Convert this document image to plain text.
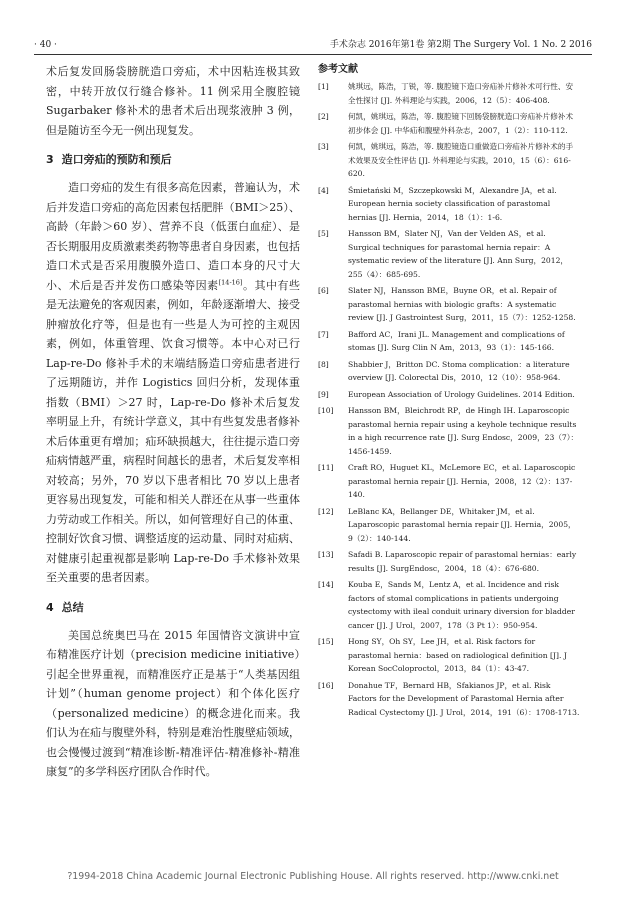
· 40 ·	手术杂志 2016年第1卷 第2期 The Surgery Vol. 1 No. 2 2016

术后复发回肠袋膀胱造口旁疝，术中因粘连极其致密，中转开放仅行缝合修补。11 例采用全腹腔镜 Sugarbaker 修补术的患者术后出现浆液肿 3 例，但是随访至今无一例出现复发。

3 造口旁疝的预防和预后

造口旁疝的发生有很多高危因素，普遍认为，术后并发造口旁疝的高危因素包括肥胖（BMI＞25）、高龄（年龄＞60 岁）、营养不良（低蛋白血症）、是否长期服用皮质激素类药物等患者自身因素，也包括造口术式是否采用腹膜外造口、造口本身的尺寸大小、术后是否并发伤口感染等因素[14-16]。其中有些是无法避免的客观因素，例如，年龄逐渐增大、接受肿瘤放化疗等，但是也有一些是人为可控的主观因素，例如，体重管理、饮食习惯等。本中心对已行 Lap-re-Do 修补手术的末端结肠造口旁疝患者进行了远期随访，并作 Logistics 回归分析，发现体重指数（BMI）＞27 时，Lap-re-Do 修补术后复发率明显上升，有统计学意义，其中有些复发患者修补术后体重更有增加；疝环缺损越大，往往提示造口旁疝病情越严重，病程时间越长的患者，术后复发率相对较高；另外，70 岁以下患者相比 70 岁以上患者更容易出现复发，可能和相关人群还在从事一些重体力劳动或工作相关。所以，如何管理好自己的体重、控制好饮食习惯、调整适度的运动量、同时对疝病、对健康引起重视都是影响 Lap-re-Do 手术修补效果至关重要的患者因素。

4 总结

美国总统奥巴马在 2015 年国情咨文演讲中宣布精准医疗计划（precision medicine initiative）引起全世界重视，而精准医疗正是基于“人类基因组计划”（human genome project）和个体化医疗（personalized medicine）的概念进化而来。我们认为在疝与腹壁外科，特别是难治性腹壁疝领域，也会慢慢过渡到“精准诊断-精准评估-精准修补-精准康复”的多学科医疗团队合作时代。

参考文献
[1]	姚琪远，陈浩，丁锐，等. 腹腔镜下造口旁疝补片修补术可行性、安全性探讨 [J]. 外科理论与实践，2006，12（5）：406-408.
[2]	何凯，姚琪远，陈浩，等. 腹腔镜下回肠袋膀胱造口旁疝补片修补术初步体会 [J]. 中华疝和腹壁外科杂志，2007，1（2）：110-112.
[3]	何凯，姚琪远，陈浩，等. 腹腔镜造口重做造口旁疝补片修补术的手术效果及安全性评估 [J]. 外科理论与实践，2010，15（6）：616-620.
[4]	Śmietański M，Szczepkowski M，Alexandre JA，et al. European hernia society classification of parastomal hernias [J]. Hernia，2014，18（1）：1-6.
[5]	Hansson BM，Slater NJ，Van der Velden AS，et al. Surgical techniques for parastomal hernia repair：A systematic review of the literature [J]. Ann Surg，2012，255（4）：685-695.
[6]	Slater NJ，Hansson BME，Buyne OR，et al. Repair of parastomal hernias with biologic grafts：A systematic review [J]. J Gastrointest Surg，2011，15（7）：1252-1258.
[7]	Bafford AC，Irani JL. Management and complications of stomas [J]. Surg Clin N Am，2013，93（1）：145-166.
[8]	Shabbier J，Britton DC. Stoma complication：a literature overview [J]. Colorectal Dis，2010，12（10）：958-964.
[9]	European Association of Urology Guidelines. 2014 Edition.
[10]	Hansson BM，Bleichrodt RP，de Hingh IH. Laparoscopic parastomal hernia repair using a keyhole technique results in a high recurrence rate [J]. Surg Endosc，2009，23（7）：1456-1459.
[11]	Craft RO，Huguet KL，McLemore EC，et al. Laparoscopic parastomal hernia repair [J]. Hernia，2008，12（2）：137-140.
[12]	LeBlanc KA，Bellanger DE，Whitaker JM，et al. Laparoscopic parastomal hernia repair [J]. Hernia，2005，9（2）：140-144.
[13]	Safadi B. Laparoscopic repair of parastomal hernias：early results [J]. SurgEndosc，2004，18（4）：676-680.
[14]	Kouba E，Sands M，Lentz A，et al. Incidence and risk factors of stomal complications in patients undergoing cystectomy with ileal conduit urinary diversion for bladder cancer [J]. J Urol，2007，178（3 Pt 1）：950-954.
[15]	Hong SY，Oh SY，Lee JH，et al. Risk factors for parastomal hernia：based on radiological definition [J]. J Korean SocColoproctol，2013，84（1）：43-47.
[16]	Donahue TF，Bernard HB，Sfakianos JP，et al. Risk Factors for the Development of Parastomal Hernia after Radical Cystectomy [J]. J Urol，2014，191（6）：1708-1713.
?1994-2018 China Academic Journal Electronic Publishing House. All rights reserved. http://www.cnki.net
